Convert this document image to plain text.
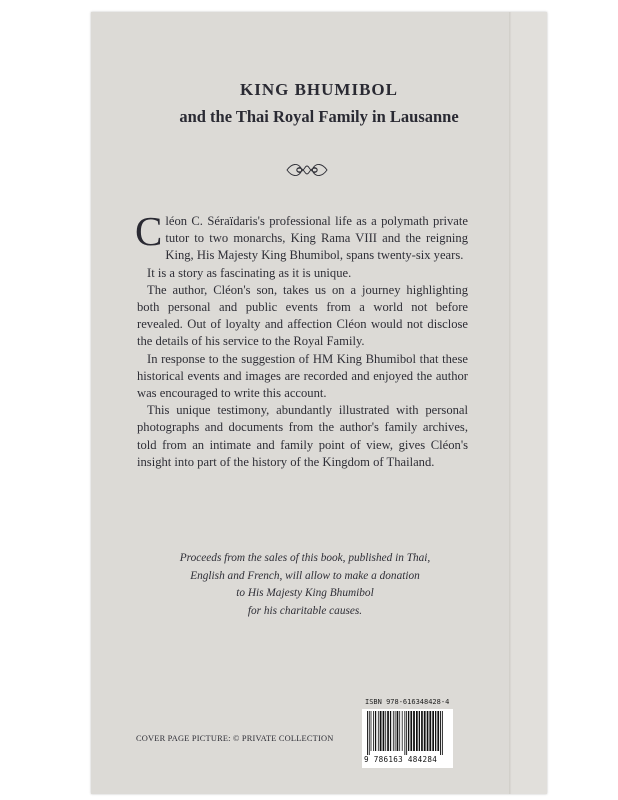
KING BHUMIBOL
and the Thai Royal Family in Lausanne

Cléon C. Séraïdaris's professional life as a polymath private tutor to two monarchs, King Rama VIII and the reigning King, His Majesty King Bhumibol, spans twenty-six years.

It is a story as fascinating as it is unique.

The author, Cléon's son, takes us on a journey highlighting both personal and public events from a world not before revealed. Out of loyalty and affection Cléon would not disclose the details of his service to the Royal Family.

In response to the suggestion of HM King Bhumibol that these historical events and images are recorded and enjoyed the author was encouraged to write this account.

This unique testimony, abundantly illustrated with personal photographs and documents from the author's family archives, told from an intimate and family point of view, gives Cléon's insight into part of the history of the Kingdom of Thailand.

Proceeds from the sales of this book, published in Thai,
English and French, will allow to make a donation
to His Majesty King Bhumibol
for his charitable causes.
COVER PAGE PICTURE: © PRIVATE COLLECTION
ISBN 978-616348428-4
9 786163 484284
